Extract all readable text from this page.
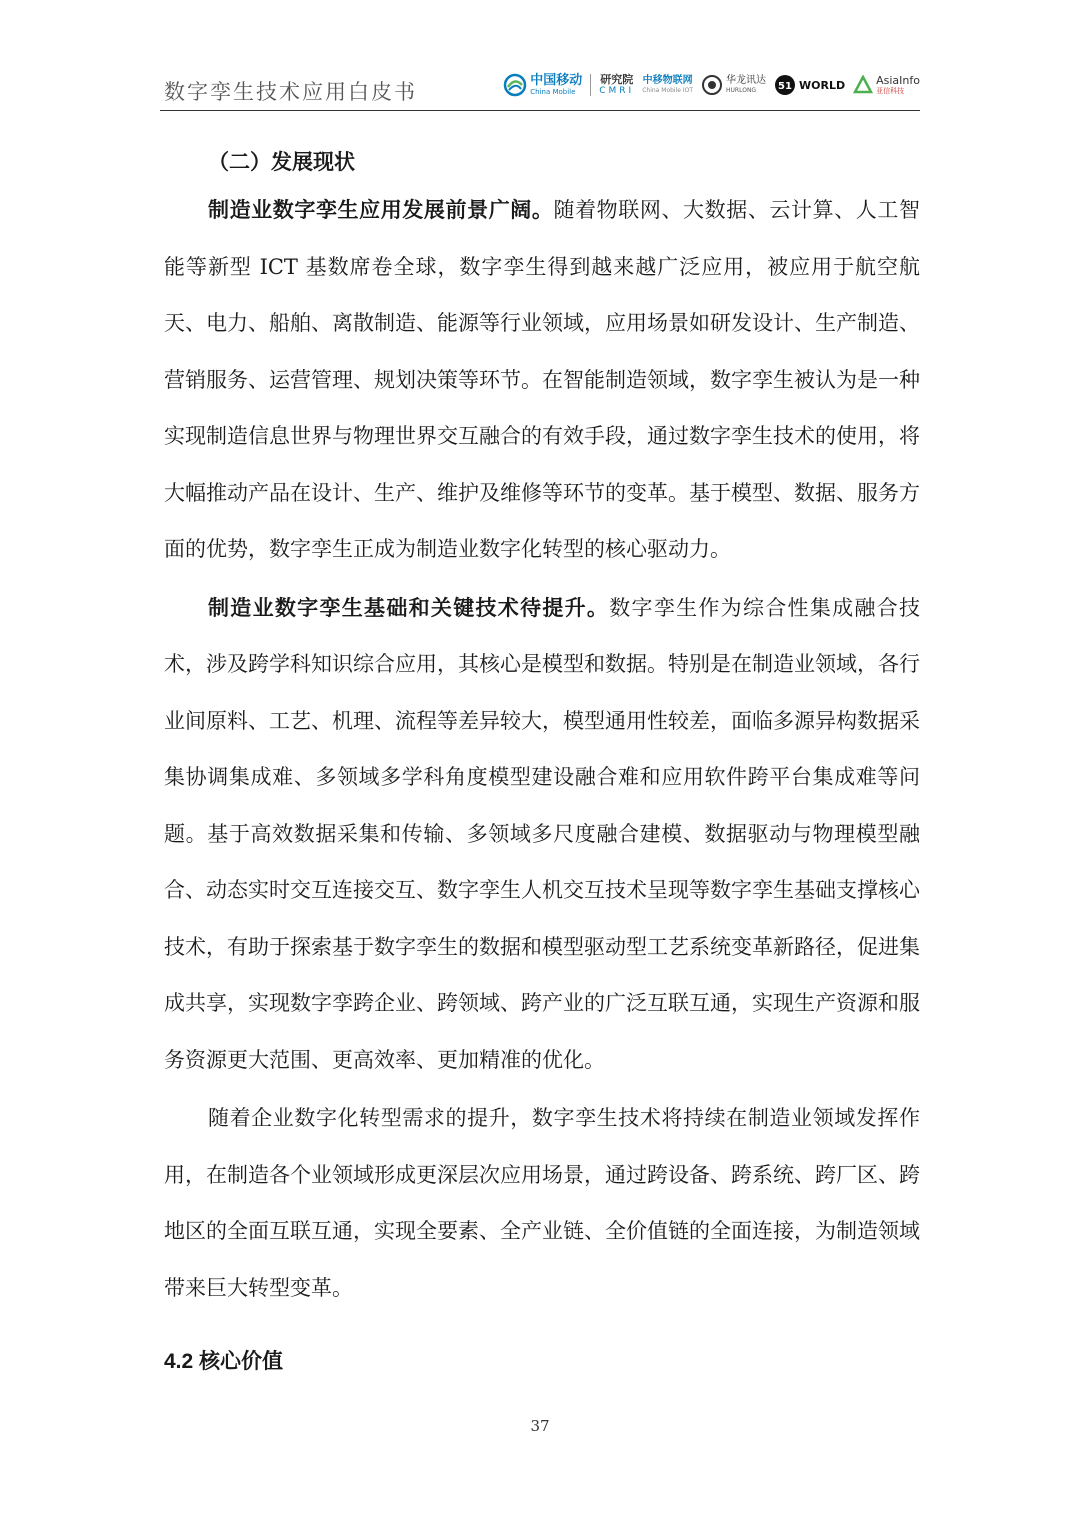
数字孪生技术应用白皮书	中国移动
China Mobile
研究院
CMRI
中移物联网
China Mobile IOT
华龙讯达
HURLONG	51 WORLD	AsiaInfo
亚信科技
（二）发展现状

制造业数字孪生应用发展前景广阔。随着物联网、大数据、云计算、人工智能等新型 ICT 基数席卷全球，数字孪生得到越来越广泛应用，被应用于航空航天、电力、船舶、离散制造、能源等行业领域，应用场景如研发设计、生产制造、营销服务、运营管理、规划决策等环节。在智能制造领域，数字孪生被认为是一种实现制造信息世界与物理世界交互融合的有效手段，通过数字孪生技术的使用，将大幅推动产品在设计、生产、维护及维修等环节的变革。基于模型、数据、服务方面的优势，数字孪生正成为制造业数字化转型的核心驱动力。

制造业数字孪生基础和关键技术待提升。数字孪生作为综合性集成融合技术，涉及跨学科知识综合应用，其核心是模型和数据。特别是在制造业领域，各行业间原料、工艺、机理、流程等差异较大，模型通用性较差，面临多源异构数据采集协调集成难、多领域多学科角度模型建设融合难和应用软件跨平台集成难等问题。基于高效数据采集和传输、多领域多尺度融合建模、数据驱动与物理模型融合、动态实时交互连接交互、数字孪生人机交互技术呈现等数字孪生基础支撑核心技术，有助于探索基于数字孪生的数据和模型驱动型工艺系统变革新路径，促进集成共享，实现数字孪跨企业、跨领域、跨产业的广泛互联互通，实现生产资源和服务资源更大范围、更高效率、更加精准的优化。

随着企业数字化转型需求的提升，数字孪生技术将持续在制造业领域发挥作用，在制造各个业领域形成更深层次应用场景，通过跨设备、跨系统、跨厂区、跨地区的全面互联互通，实现全要素、全产业链、全价值链的全面连接，为制造领域带来巨大转型变革。

4.2 核心价值
37
